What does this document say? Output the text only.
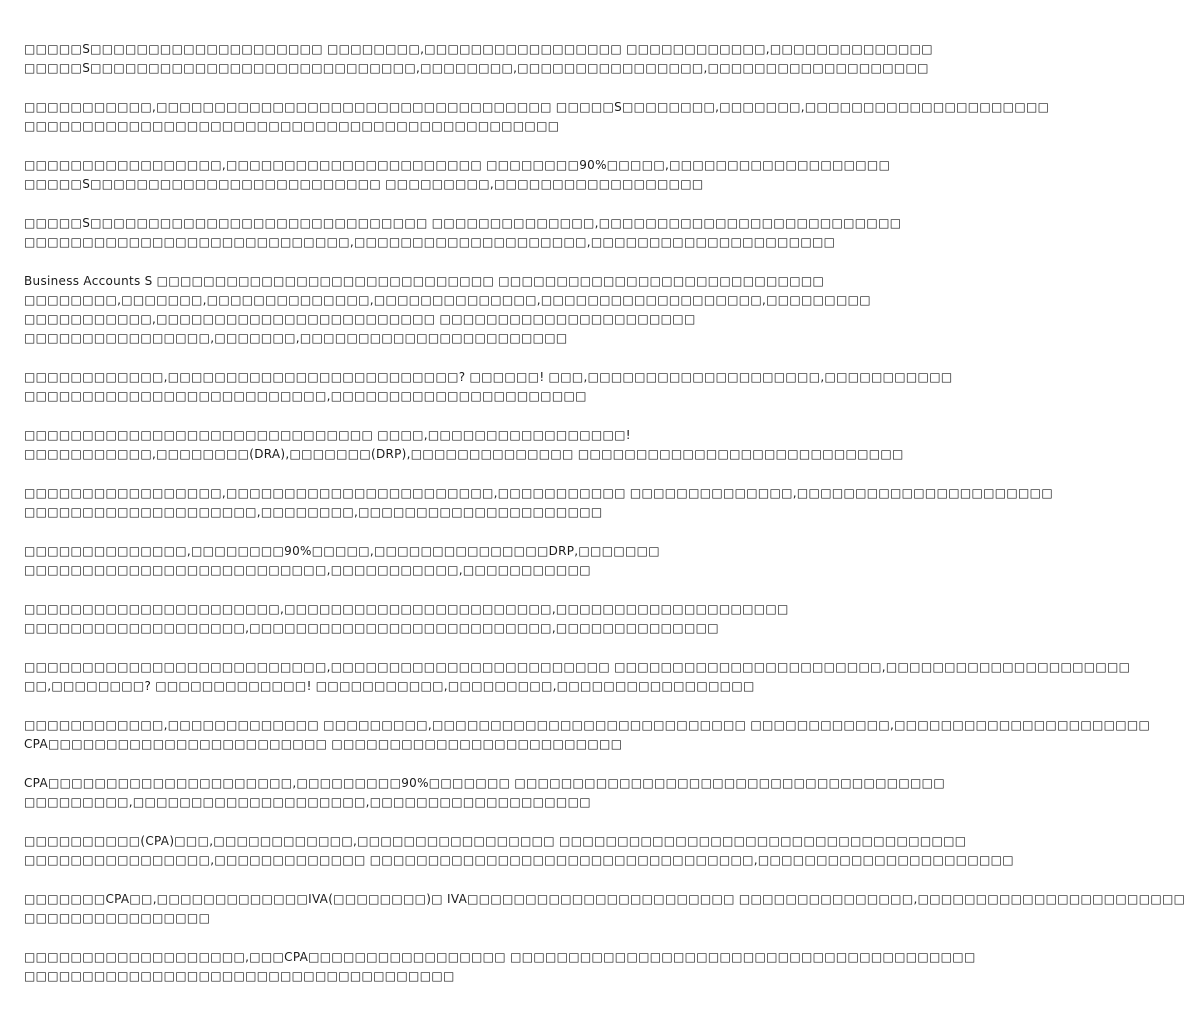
□□□□□S□□□□□□□□□□□□□□□□□□□□ □□□□□□□□,□□□□□□□□□□□□□□□□□ □□□□□□□□□□□□,□□□□□□□□□□□□□□
□□□□□S□□□□□□□□□□□□□□□□□□□□□□□□□□□□,□□□□□□□□,□□□□□□□□□□□□□□□□,□□□□□□□□□□□□□□□□□□□
□□□□□□□□□□□,□□□□□□□□□□□□□□□□□□□□□□□□□□□□□□□□□□ □□□□□S□□□□□□□□,□□□□□□□,□□□□□□□□□□□□□□□□□□□□□
□□□□□□□□□□□□□□□□□□□□□□□□□□□□□□□□□□□□□□□□□□□□□□
□□□□□□□□□□□□□□□□□,□□□□□□□□□□□□□□□□□□□□□□ □□□□□□□□90%□□□□□,□□□□□□□□□□□□□□□□□□□
□□□□□S□□□□□□□□□□□□□□□□□□□□□□□□□ □□□□□□□□□,□□□□□□□□□□□□□□□□□□
□□□□□S□□□□□□□□□□□□□□□□□□□□□□□□□□□□□ □□□□□□□□□□□□□□,□□□□□□□□□□□□□□□□□□□□□□□□□□
□□□□□□□□□□□□□□□□□□□□□□□□□□□□,□□□□□□□□□□□□□□□□□□□□,□□□□□□□□□□□□□□□□□□□□□
Business Accounts S □□□□□□□□□□□□□□□□□□□□□□□□□□□□□ □□□□□□□□□□□□□□□□□□□□□□□□□□□□
□□□□□□□□,□□□□□□□,□□□□□□□□□□□□□□,□□□□□□□□□□□□□□,□□□□□□□□□□□□□□□□□□□,□□□□□□□□□
□□□□□□□□□□□,□□□□□□□□□□□□□□□□□□□□□□□□ □□□□□□□□□□□□□□□□□□□□□□
□□□□□□□□□□□□□□□□,□□□□□□□,□□□□□□□□□□□□□□□□□□□□□□□
□□□□□□□□□□□□,□□□□□□□□□□□□□□□□□□□□□□□□□? □□□□□□! □□□,□□□□□□□□□□□□□□□□□□□□,□□□□□□□□□□□
□□□□□□□□□□□□□□□□□□□□□□□□□□,□□□□□□□□□□□□□□□□□□□□□□
□□□□□□□□□□□□□□□□□□□□□□□□□□□□□□ □□□□,□□□□□□□□□□□□□□□□□!
□□□□□□□□□□□,□□□□□□□□(DRA),□□□□□□□(DRP),□□□□□□□□□□□□□□ □□□□□□□□□□□□□□□□□□□□□□□□□□□□
□□□□□□□□□□□□□□□□□,□□□□□□□□□□□□□□□□□□□□□□□,□□□□□□□□□□□ □□□□□□□□□□□□□□,□□□□□□□□□□□□□□□□□□□□□□
□□□□□□□□□□□□□□□□□□□□,□□□□□□□□,□□□□□□□□□□□□□□□□□□□□□
□□□□□□□□□□□□□□,□□□□□□□□90%□□□□□,□□□□□□□□□□□□□□□DRP,□□□□□□□
□□□□□□□□□□□□□□□□□□□□□□□□□□,□□□□□□□□□□□,□□□□□□□□□□□
□□□□□□□□□□□□□□□□□□□□□□,□□□□□□□□□□□□□□□□□□□□□□□,□□□□□□□□□□□□□□□□□□□□
□□□□□□□□□□□□□□□□□□□,□□□□□□□□□□□□□□□□□□□□□□□□□□,□□□□□□□□□□□□□□
□□□□□□□□□□□□□□□□□□□□□□□□□□,□□□□□□□□□□□□□□□□□□□□□□□□ □□□□□□□□□□□□□□□□□□□□□□□,□□□□□□□□□□□□□□□□□□□□□
□□,□□□□□□□□? □□□□□□□□□□□□□! □□□□□□□□□□□,□□□□□□□□□,□□□□□□□□□□□□□□□□□
□□□□□□□□□□□□,□□□□□□□□□□□□□ □□□□□□□□□,□□□□□□□□□□□□□□□□□□□□□□□□□□□ □□□□□□□□□□□□,□□□□□□□□□□□□□□□□□□□□□□
CPA□□□□□□□□□□□□□□□□□□□□□□□□ □□□□□□□□□□□□□□□□□□□□□□□□□
CPA□□□□□□□□□□□□□□□□□□□□□,□□□□□□□□□90%□□□□□□□ □□□□□□□□□□□□□□□□□□□□□□□□□□□□□□□□□□□□□
□□□□□□□□□,□□□□□□□□□□□□□□□□□□□□,□□□□□□□□□□□□□□□□□□□
□□□□□□□□□□(CPA)□□□,□□□□□□□□□□□□,□□□□□□□□□□□□□□□□□ □□□□□□□□□□□□□□□□□□□□□□□□□□□□□□□□□□□
□□□□□□□□□□□□□□□□,□□□□□□□□□□□□□ □□□□□□□□□□□□□□□□□□□□□□□□□□□□□□□□□,□□□□□□□□□□□□□□□□□□□□□□
□□□□□□□CPA□□,□□□□□□□□□□□□□IVA(□□□□□□□□)□ IVA□□□□□□□□□□□□□□□□□□□□□□□ □□□□□□□□□□□□□□□,□□□□□□□□□□□□□□□□□□□□□□□
□□□□□□□□□□□□□□□□
□□□□□□□□□□□□□□□□□□□,□□□CPA□□□□□□□□□□□□□□□□□ □□□□□□□□□□□□□□□□□□□□□□□□□□□□□□□□□□□□□□□□
□□□□□□□□□□□□□□□□□□□□□□□□□□□□□□□□□□□□□
